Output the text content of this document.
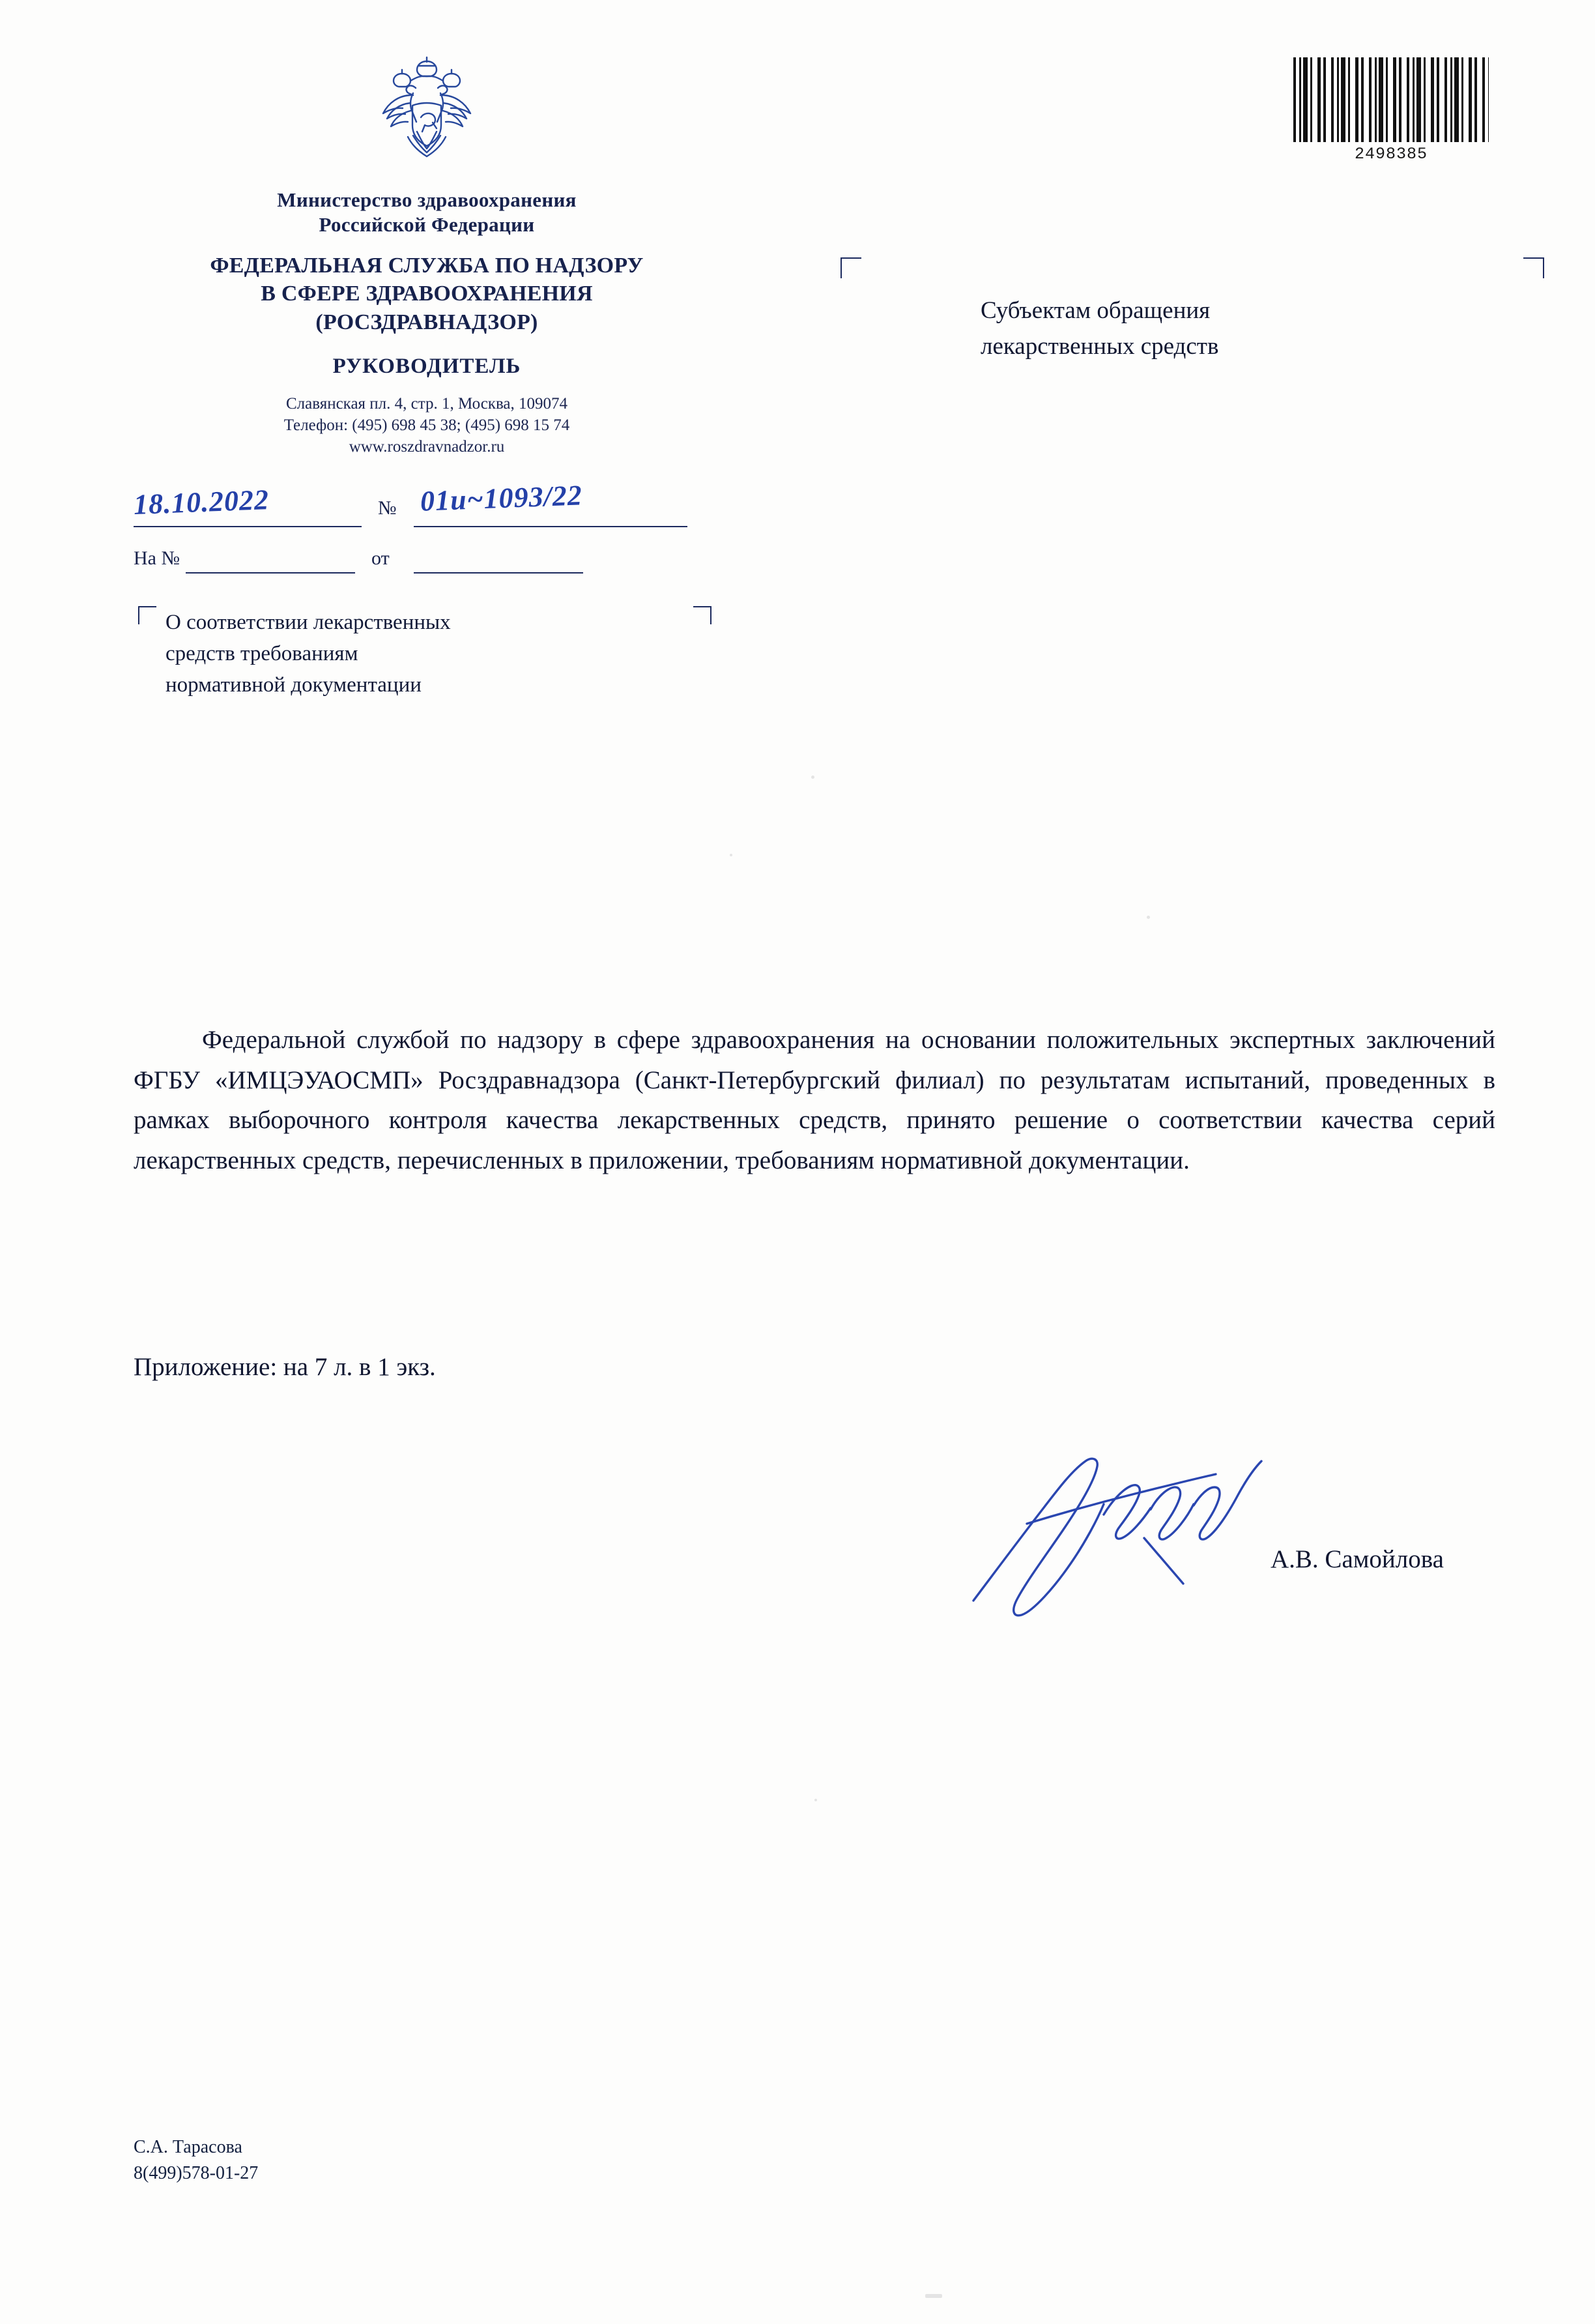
2498385
Министерство здравоохранения
Российской Федерации
ФЕДЕРАЛЬНАЯ СЛУЖБА ПО НАДЗОРУ
В СФЕРЕ ЗДРАВООХРАНЕНИЯ
(РОСЗДРАВНАДЗОР)
РУКОВОДИТЕЛЬ
Славянская пл. 4, стр. 1, Москва, 109074
Телефон: (495) 698 45 38; (495) 698 15 74
www.roszdravnadzor.ru
18.10.2022	№ 01и~1093/22
На №	от
О соответствии лекарственных
средств требованиям
нормативной документации
Субъектам обращения
лекарственных средств

Федеральной службой по надзору в сфере здравоохранения на основании положительных экспертных заключений ФГБУ «ИМЦЭУАОСМП» Росздравнадзора (Санкт-Петербургский филиал) по результатам испытаний, проведенных в рамках выборочного контроля качества лекарственных средств, принято решение о соответствии качества серий лекарственных средств, перечисленных в приложении, требованиям нормативной документации.

Приложение: на 7 л. в 1 экз.
А.В. Самойлова
С.А. Тарасова
8(499)578-01-27
